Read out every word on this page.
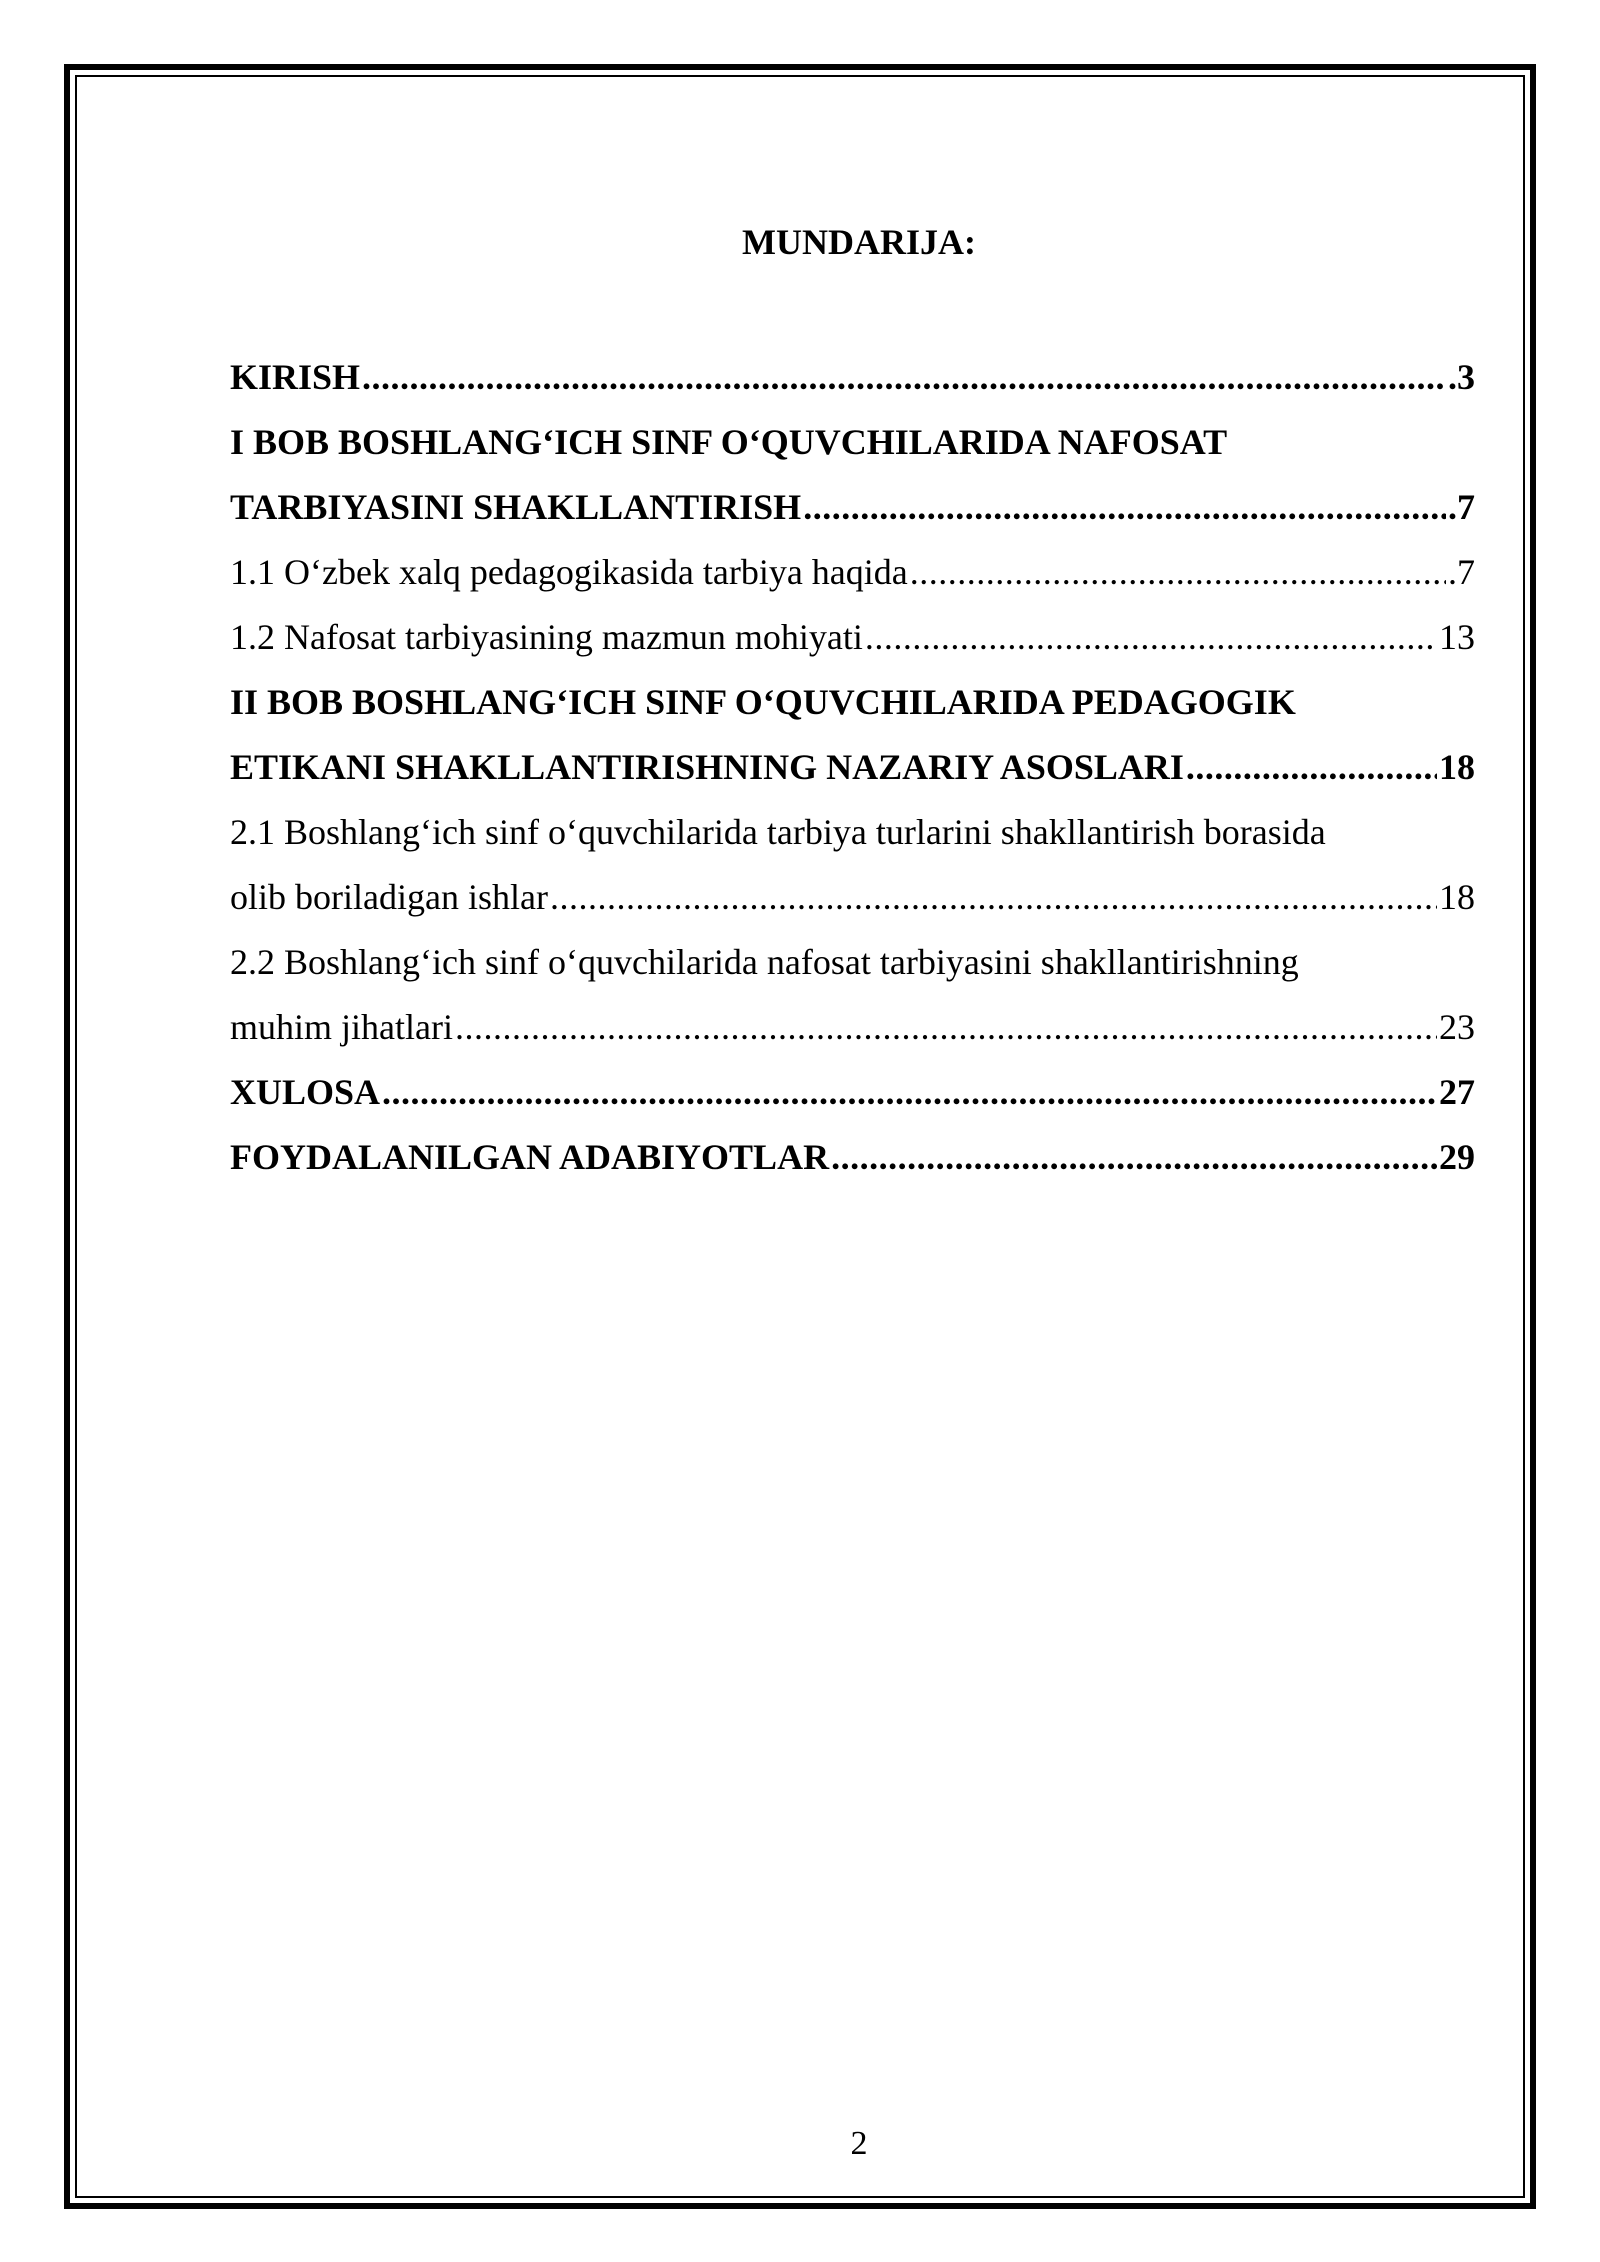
MUNDARIJA:
KIRISH .....	.3
I BOB BOSHLANG‘ICH SINF O‘QUVCHILARIDA NAFOSAT
TARBIYASINI SHAKLLANTIRISH .....	.7
1.1 O‘zbek xalq pedagogikasida tarbiya haqida .....	.7
1.2 Nafosat tarbiyasining mazmun mohiyati .....	13
II BOB BOSHLANG‘ICH SINF O‘QUVCHILARIDA PEDAGOGIK
ETIKANI SHAKLLANTIRISHNING NAZARIY ASOSLARI .....	18
2.1 Boshlang‘ich sinf o‘quvchilarida tarbiya turlarini shakllantirish borasida
olib boriladigan ishlar .....	18
2.2 Boshlang‘ich sinf o‘quvchilarida nafosat tarbiyasini shakllantirishning
muhim jihatlari .....	23
XULOSA .....	27
FOYDALANILGAN ADABIYOTLAR .....	29
2
